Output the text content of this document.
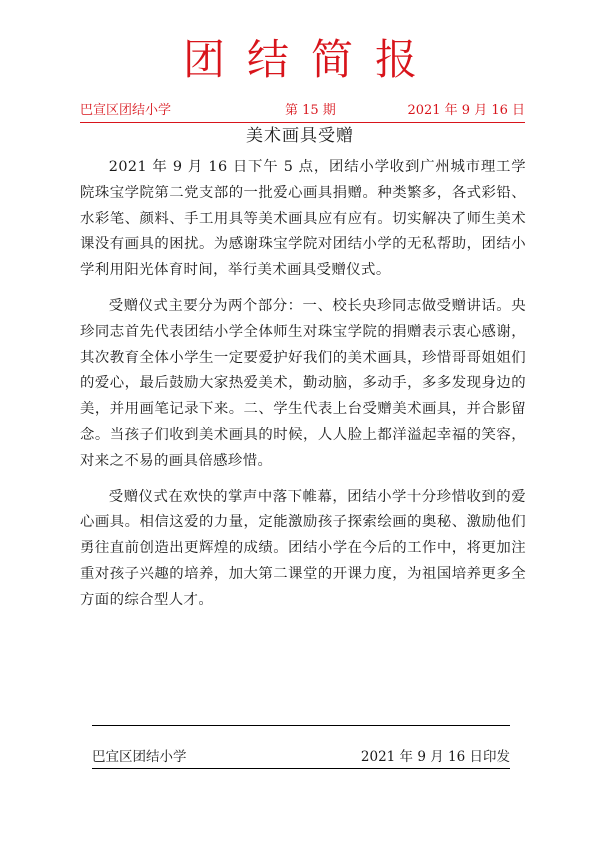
团结简报
巴宣区团结小学	第 15 期	2021 年 9 月 16 日
美术画具受赠

2021 年 9 月 16 日下午 5 点，团结小学收到广州城市理工学院珠宝学院第二党支部的一批爱心画具捐赠。种类繁多，各式彩铅、水彩笔、颜料、手工用具等美术画具应有应有。切实解决了师生美术课没有画具的困扰。为感谢珠宝学院对团结小学的无私帮助，团结小学利用阳光体育时间，举行美术画具受赠仪式。

受赠仪式主要分为两个部分：一、校长央珍同志做受赠讲话。央珍同志首先代表团结小学全体师生对珠宝学院的捐赠表示衷心感谢，其次教育全体小学生一定要爱护好我们的美术画具，珍惜哥哥姐姐们的爱心，最后鼓励大家热爱美术，勤动脑，多动手，多多发现身边的美，并用画笔记录下来。二、学生代表上台受赠美术画具，并合影留念。当孩子们收到美术画具的时候，人人脸上都洋溢起幸福的笑容，对来之不易的画具倍感珍惜。

受赠仪式在欢快的掌声中落下帷幕，团结小学十分珍惜收到的爱心画具。相信这爱的力量，定能激励孩子探索绘画的奥秘、激励他们勇往直前创造出更辉煌的成绩。团结小学在今后的工作中，将更加注重对孩子兴趣的培养，加大第二课堂的开课力度，为祖国培养更多全方面的综合型人才。

巴宜区团结小学	2021 年 9 月 16 日印发
